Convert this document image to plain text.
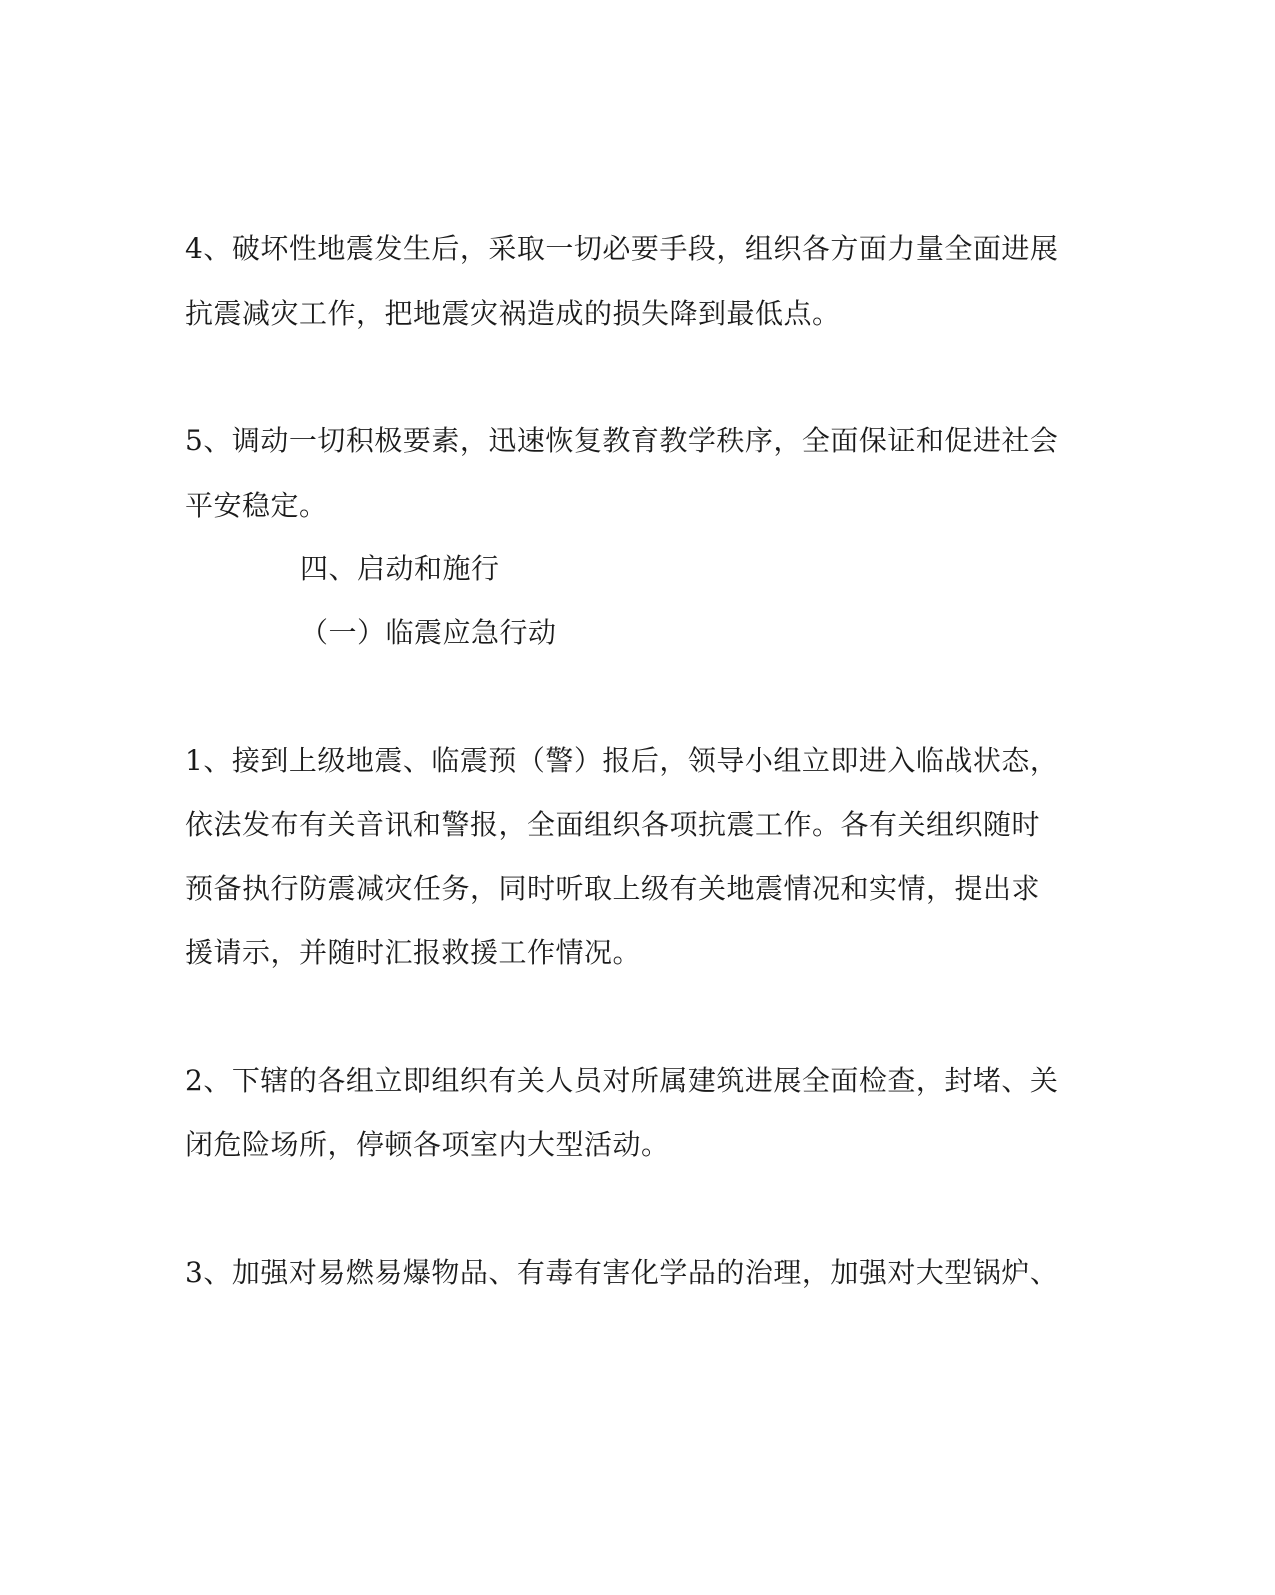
4、破坏性地震发生后，采取一切必要手段，组织各方面力量全面进展
抗震减灾工作，把地震灾祸造成的损失降到最低点。
5、调动一切积极要素，迅速恢复教育教学秩序，全面保证和促进社会
平安稳定。
四、启动和施行
（一）临震应急行动
1、接到上级地震、临震预（警）报后，领导小组立即进入临战状态，
依法发布有关音讯和警报，全面组织各项抗震工作。各有关组织随时
预备执行防震减灾任务，同时听取上级有关地震情况和实情，提出求
援请示，并随时汇报救援工作情况。
2、下辖的各组立即组织有关人员对所属建筑进展全面检查，封堵、关
闭危险场所，停顿各项室内大型活动。
3、加强对易燃易爆物品、有毒有害化学品的治理，加强对大型锅炉、
